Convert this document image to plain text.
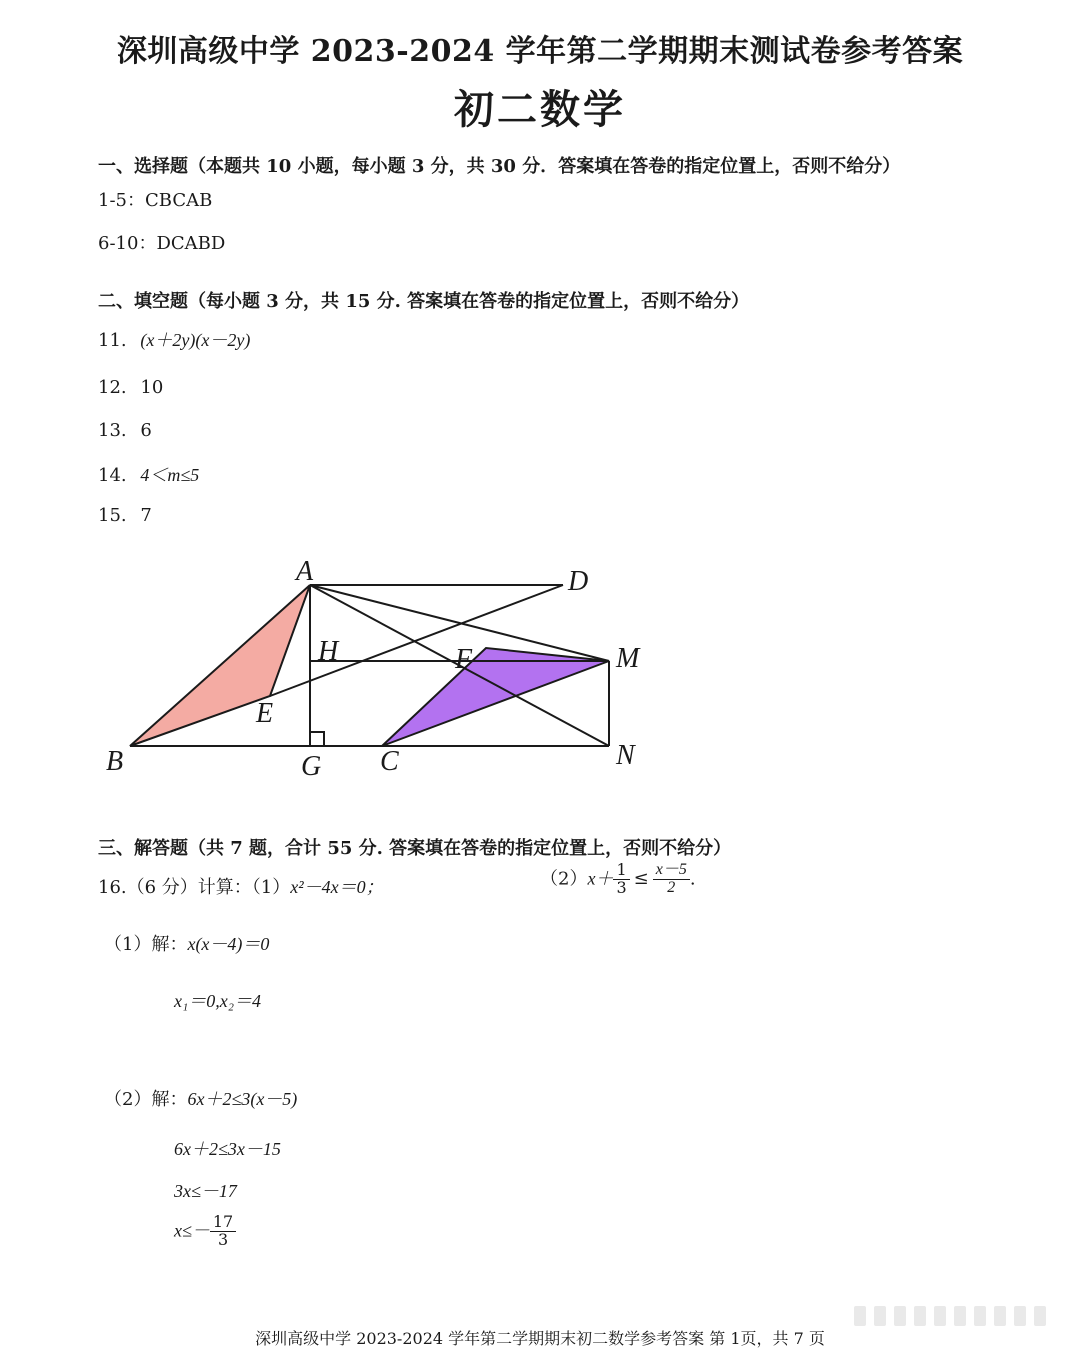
深圳高级中学 2023-2024 学年第二学期期末测试卷参考答案
初二数学
一、选择题（本题共 10 小题，每小题 3 分，共 30 分．答案填在答卷的指定位置上，否则不给分）
1-5：CBCAB
6-10：DCABD
二、填空题（每小题 3 分，共 15 分. 答案填在答卷的指定位置上，否则不给分）
11. (x＋2y)(x－2y)
12. 10
13. 6
14. 4＜m≤5
15. 7
A	D
H	F	M
E
B	G C	N
三、解答题（共 7 题，合计 55 分. 答案填在答卷的指定位置上，否则不给分）
16.（6 分）计算：（1）x²－4x＝0；	$(2)x+ \frac{1}{3} \le \frac{x-5}{2}$ .
（1）解：x(x－4)＝0
x₁＝0,x₂＝4
（2）解：6x＋2≤3(x－5)
6x＋2≤3x－15
3x≤－17
$x\le- \frac{17}{3}$
深圳高级中学 2023-2024 学年第二学期期末初二数学参考答案 第 1页，共 7 页
